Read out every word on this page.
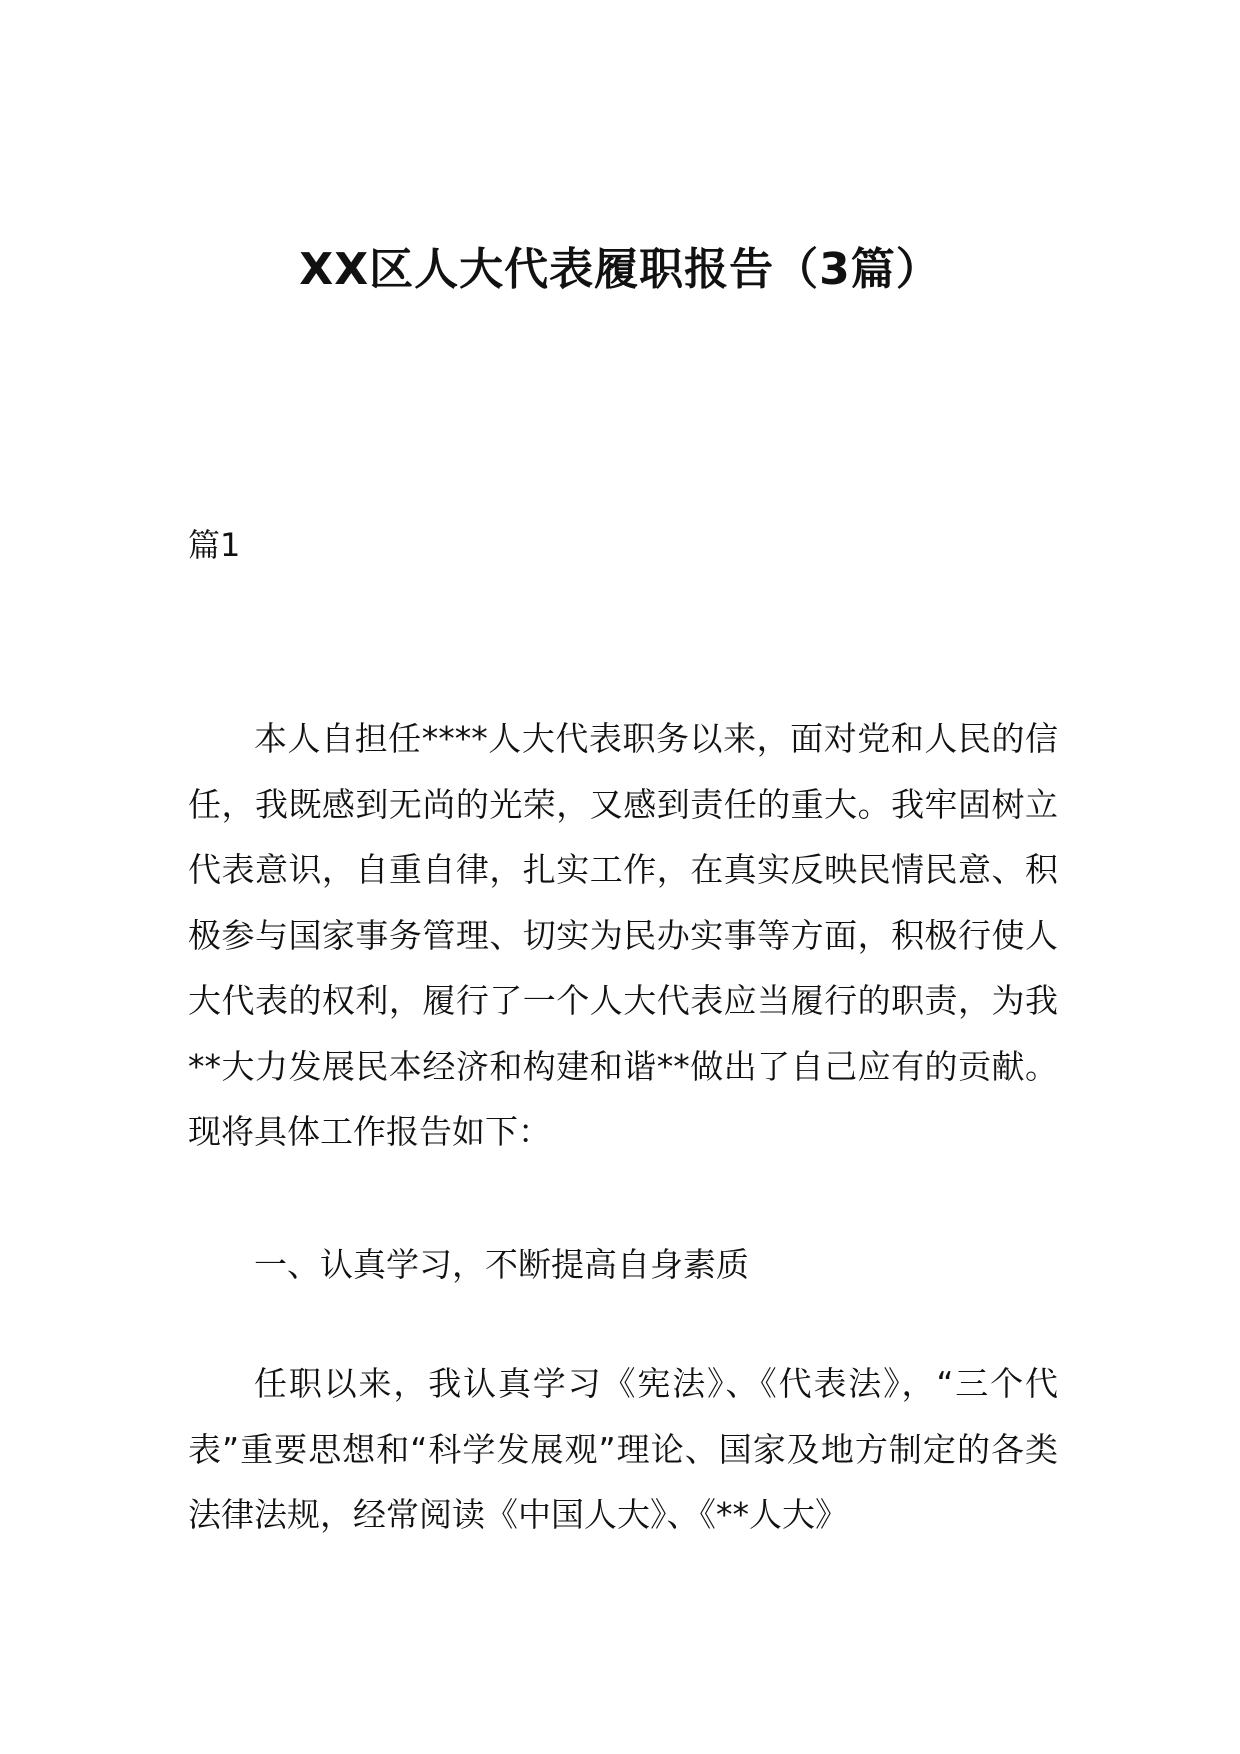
XX区人大代表履职报告（3篇）
篇1

本人自担任****人大代表职务以来，面对党和人民的信任，我既感到无尚的光荣，又感到责任的重大。我牢固树立代表意识，自重自律，扎实工作，在真实反映民情民意、积极参与国家事务管理、切实为民办实事等方面，积极行使人大代表的权利，履行了一个人大代表应当履行的职责，为我**大力发展民本经济和构建和谐**做出了自己应有的贡献。现将具体工作报告如下：

一、认真学习，不断提高自身素质

任职以来，我认真学习《宪法》、《代表法》，“三个代表”重要思想和“科学发展观”理论、国家及地方制定的各类法律法规，经常阅读《中国人大》、《**人大》
